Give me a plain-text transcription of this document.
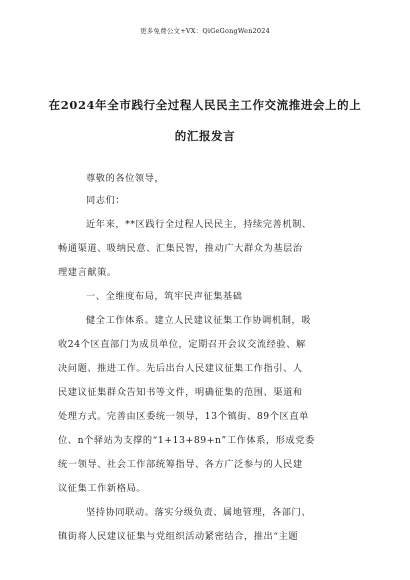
更多免费公文+VX：QiGeGongWen2024
在2024年全市践行全过程人民民主工作交流推进会上的上
的汇报发言
尊敬的各位领导，
同志们：
近年来，**区践行全过程人民民主，持续完善机制、
畅通渠道、吸纳民意、汇集民智，推动广大群众为基层治
理建言献策。
一、全维度布局，筑牢民声征集基础
健全工作体系。建立人民建议征集工作协调机制，吸
收24个区直部门为成员单位，定期召开会议交流经验、解
决问题、推进工作。先后出台人民建议征集工作指引、人
民建议征集群众告知书等文件，明确征集的范围、渠道和
处理方式。完善由区委统一领导，13个镇街、89个区直单
位、n个驿站为支撑的“1+13+89+n”工作体系，形成党委
统一领导、社会工作部统筹指导、各方广泛参与的人民建
议征集工作新格局。
坚持协同联动。落实分级负责、属地管理，各部门、
镇街将人民建议征集与党组织活动紧密结合，推出“主题
